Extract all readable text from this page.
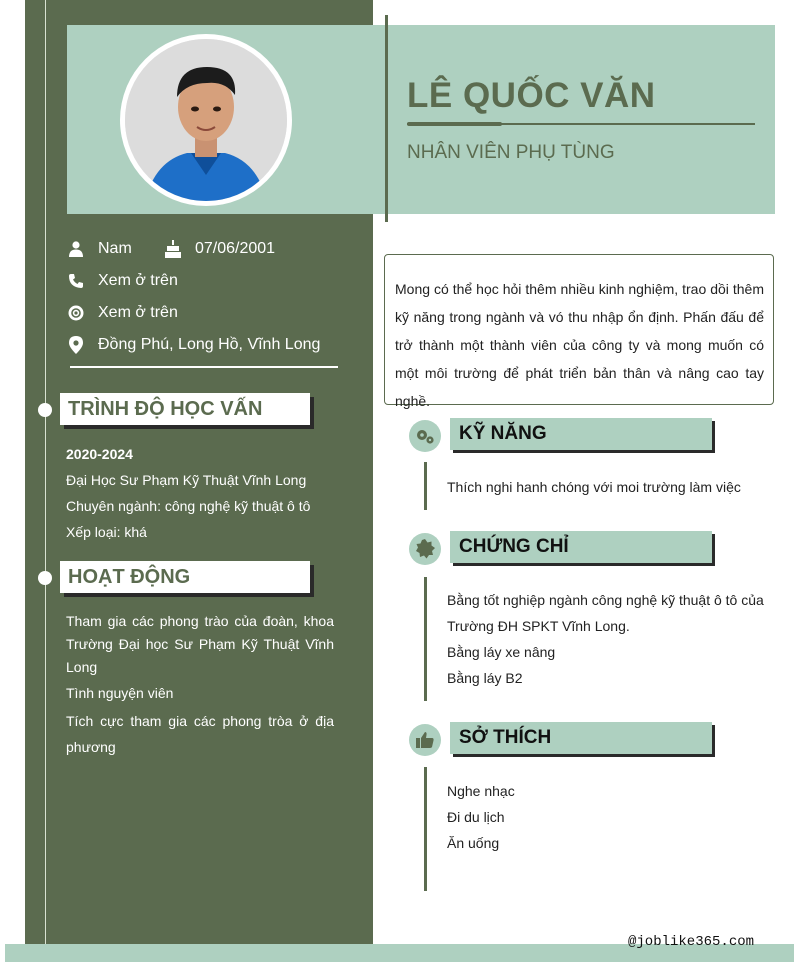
LÊ QUỐC VĂN
NHÂN VIÊN PHỤ TÙNG
Nam	07/06/2001
Xem ở trên
Xem ở trên
Đồng Phú, Long Hồ, Vĩnh Long
TRÌNH ĐỘ HỌC VẤN
2020-2024
Đại Học Sư Phạm Kỹ Thuật Vĩnh Long
Chuyên ngành: công nghệ kỹ thuật ô tô
Xếp loại: khá
HOẠT ĐỘNG
Tham gia các phong trào của đoàn, khoa Trường Đại học Sư Phạm Kỹ Thuật Vĩnh Long
Tình nguyện viên
Tích cực tham gia các phong tròa ở địa phương
Mong có thể học hỏi thêm nhiều kinh nghiệm, trao dồi thêm kỹ năng trong ngành và vó thu nhập ổn định. Phấn đấu để trở thành một thành viên của công ty và mong muốn có một môi trường để phát triển bản thân và nâng cao tay nghề.
KỸ NĂNG
Thích nghi hanh chóng với moi trường làm việc
CHỨNG CHỈ
Bằng tốt nghiệp ngành công nghệ kỹ thuật ô tô của Trường ĐH SPKT Vĩnh Long.
Bằng láy xe nâng
Bằng láy B2
SỞ THÍCH
Nghe nhạc
Đi du lịch
Ăn uống
@joblike365.com
